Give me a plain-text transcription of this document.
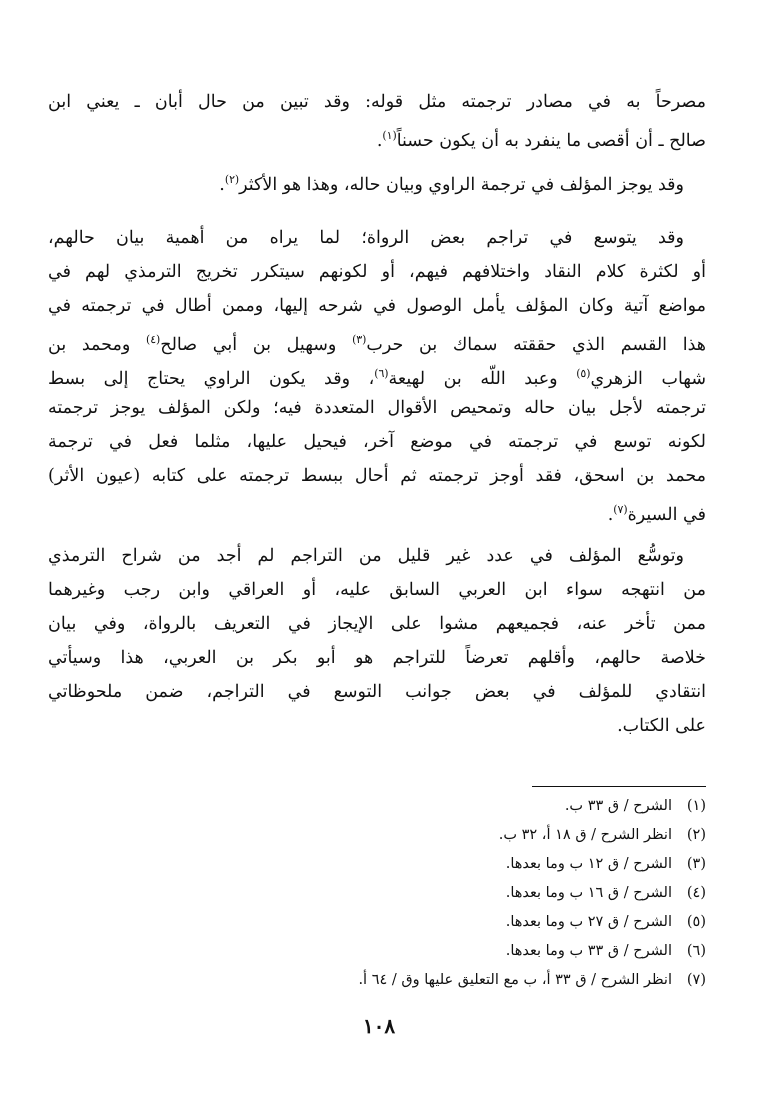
مصرحاً به في مصادر ترجمته مثل قوله: وقد تبين من حال أبان ـ يعني ابن
صالح ـ أن أقصى ما ينفرد به أن يكون حسناً$^{(١)}$.
وقد يوجز المؤلف في ترجمة الراوي وبيان حاله، وهذا هو الأكثر$^{(٢)}$.
وقد يتوسع في تراجم بعض الرواة؛ لما يراه من أهمية بيان حالهم،
أو لكثرة كلام النقاد واختلافهم فيهم، أو لكونهم سيتكرر تخريج الترمذي لهم في
مواضع آتية وكان المؤلف يأمل الوصول في شرحه إليها، وممن أطال في ترجمته في
هذا القسم الذي حققته سماك بن حرب$^{(٣)}$ وسهيل بن أبي صالح$^{(٤)}$ ومحمد بن
شهاب الزهري$^{(٥)}$ وعبد اللّه بن لهيعة$^{(٦)}$، وقد يكون الراوي يحتاج إلى بسط
ترجمته لأجل بيان حاله وتمحيص الأقوال المتعددة فيه؛ ولكن المؤلف يوجز ترجمته
لكونه توسع في ترجمته في موضع آخر، فيحيل عليها، مثلما فعل في ترجمة
محمد بن اسحق، فقد أوجز ترجمته ثم أحال ببسط ترجمته على كتابه (عيون الأثر)
في السيرة$^{(٧)}$.
وتوسُّع المؤلف في عدد غير قليل من التراجم لم أجد من شراح الترمذي
من انتهجه سواء ابن العربي السابق عليه، أو العراقي وابن رجب وغيرهما
ممن تأخر عنه، فجميعهم مشوا على الإيجاز في التعريف بالرواة، وفي بيان
خلاصة حالهم، وأقلهم تعرضاً للتراجم هو أبو بكر بن العربي، هذا وسيأتي
انتقادي للمؤلف في بعض جوانب التوسع في التراجم، ضمن ملحوظاتي
على الكتاب.
(١)الشرح / ق ٣٣ ب.
(٢)انظر الشرح / ق ١٨ أ، ٣٢ ب.
(٣)الشرح / ق ١٢ ب وما بعدها.
(٤)الشرح / ق ١٦ ب وما بعدها.
(٥)الشرح / ق ٢٧ ب وما بعدها.
(٦)الشرح / ق ٣٣ ب وما بعدها.
(٧)انظر الشرح / ق ٣٣ أ، ب مع التعليق عليها وق / ٦٤ أ.
١٠٨
